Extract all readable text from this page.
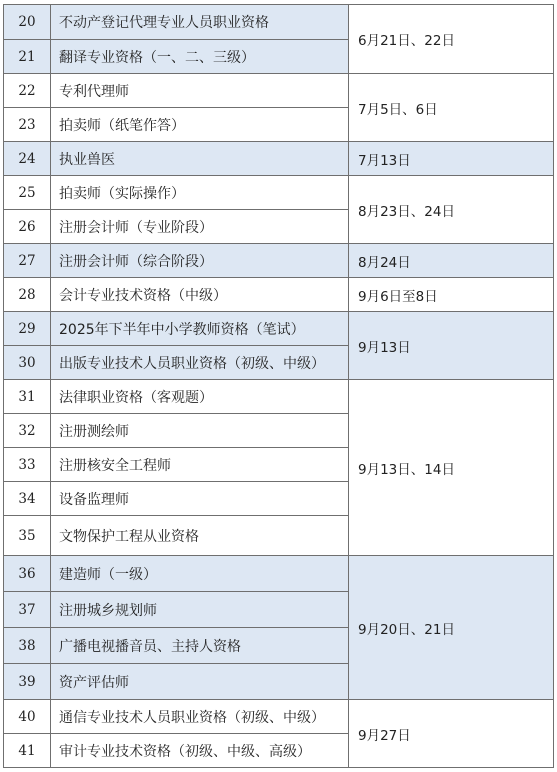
20	不动产登记代理专业人员职业资格	6月21日、22日
21	翻译专业资格（一、二、三级）	
22	专利代理师	7月5日、6日
23	拍卖师（纸笔作答）	
24	执业兽医	7月13日
25	拍卖师（实际操作）	8月23日、24日
26	注册会计师（专业阶段）	
27	注册会计师（综合阶段）	8月24日
28	会计专业技术资格（中级）	9月6日至8日
29	2025年下半年中小学教师资格（笔试）	9月13日
30	出版专业技术人员职业资格（初级、中级）	
31	法律职业资格（客观题）	9月13日、14日
32	注册测绘师	
33	注册核安全工程师	
34	设备监理师	
35	文物保护工程从业资格	
36	建造师（一级）	9月20日、21日
37	注册城乡规划师	
38	广播电视播音员、主持人资格	
39	资产评估师	
40	通信专业技术人员职业资格（初级、中级）	9月27日
41	审计专业技术资格（初级、中级、高级）	
